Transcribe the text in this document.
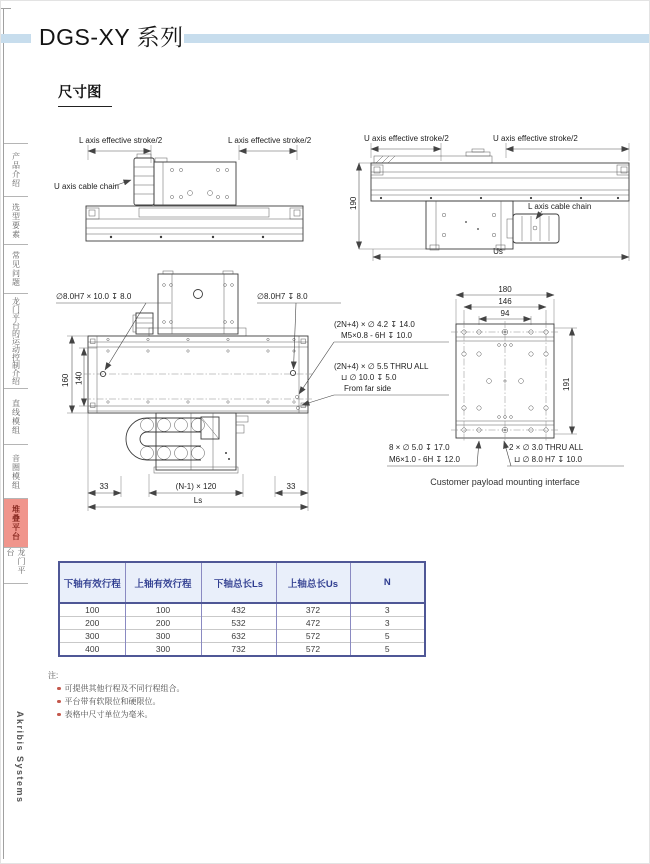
DGS-XY 系列
尺寸图
产品介绍
选型要素
常见问题
龙门平台的运动控制介绍
直线模组
音圈模组
堆叠平台
龙门平台
Akribis Systems
L axis effective stroke/2	L axis effective stroke/2
U axis cable chain
U axis effective stroke/2	U axis effective stroke/2
190	L axis cable chain
Us
∅8.0H7 × 10.0 ↧ 8.0	∅8.0H7 ↧ 8.0
160 140
(2N+4) × ∅ 4.2 ↧ 14.0
M5×0.8 - 6H ↧ 10.0
(2N+4) × ∅ 5.5 THRU ALL
⊔ ∅ 10.0 ↧ 5.0
From far side
33	(N-1) × 120	33
Ls
180
146
94
191
8 × ∅ 5.0 ↧ 17.0
M6×1.0 - 6H ↧ 12.0
2 × ∅ 3.0 THRU ALL
⊔ ∅ 8.0 H7 ↧ 10.0
Customer payload mounting interface
下轴有效行程	上轴有效行程	下轴总长Ls	上轴总长Us	N
100	100	432	372	3
200	200	532	472	3
300	300	632	572	5
400	300	732	572	5
注:
可提供其他行程及不同行程组合。
平台带有软限位和硬限位。
表格中尺寸单位为毫米。
